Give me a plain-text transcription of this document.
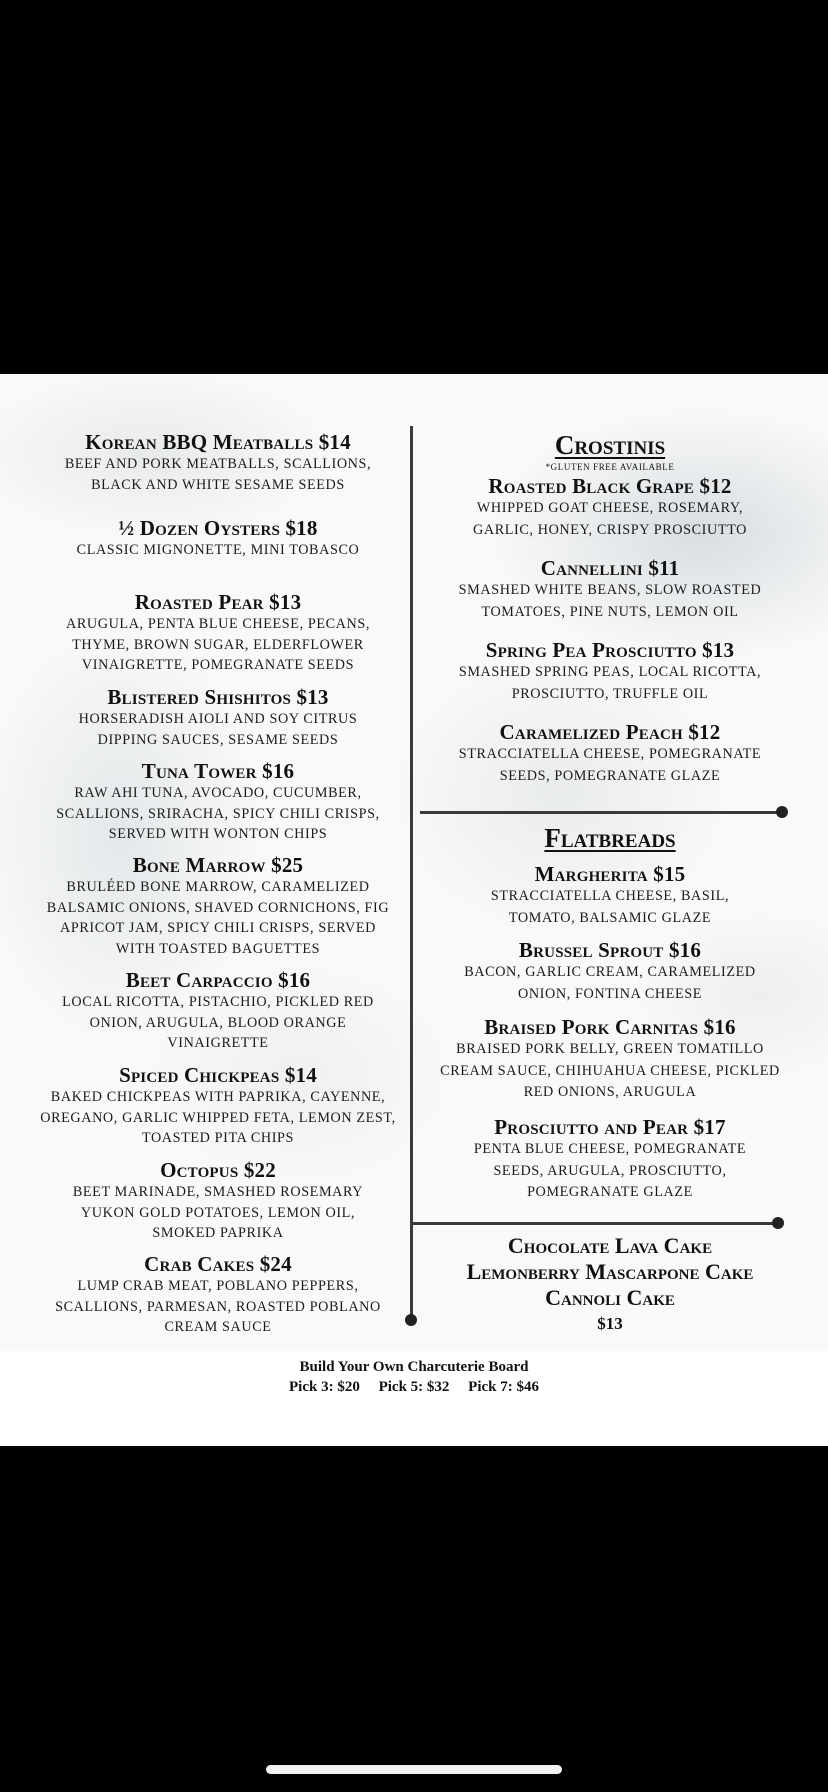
Korean BBQ Meatballs $14
BEEF AND PORK MEATBALLS, SCALLIONS, BLACK AND WHITE SESAME SEEDS
½ Dozen Oysters $18
CLASSIC MIGNONETTE, MINI TOBASCO
Roasted Pear $13
ARUGULA, PENTA BLUE CHEESE, PECANS, THYME, BROWN SUGAR, ELDERFLOWER VINAIGRETTE, POMEGRANATE SEEDS
Blistered Shishitos $13
HORSERADISH AIOLI AND SOY CITRUS DIPPING SAUCES, SESAME SEEDS
Tuna Tower $16
RAW AHI TUNA, AVOCADO, CUCUMBER, SCALLIONS, SRIRACHA, SPICY CHILI CRISPS, SERVED WITH WONTON CHIPS
Bone Marrow $25
BRULÉED BONE MARROW, CARAMELIZED BALSAMIC ONIONS, SHAVED CORNICHONS, FIG APRICOT JAM, SPICY CHILI CRISPS, SERVED WITH TOASTED BAGUETTES
Beet Carpaccio $16
LOCAL RICOTTA, PISTACHIO, PICKLED RED ONION, ARUGULA, BLOOD ORANGE VINAIGRETTE
Spiced Chickpeas $14
BAKED CHICKPEAS WITH PAPRIKA, CAYENNE, OREGANO, GARLIC WHIPPED FETA, LEMON ZEST, TOASTED PITA CHIPS
Octopus $22
BEET MARINADE, SMASHED ROSEMARY YUKON GOLD POTATOES, LEMON OIL, SMOKED PAPRIKA
Crab Cakes $24
LUMP CRAB MEAT, POBLANO PEPPERS, SCALLIONS, PARMESAN, ROASTED POBLANO CREAM SAUCE
Crostinis
*GLUTEN FREE AVAILABLE
Roasted Black Grape $12
WHIPPED GOAT CHEESE, ROSEMARY, GARLIC, HONEY, CRISPY PROSCIUTTO
Cannellini $11
SMASHED WHITE BEANS, SLOW ROASTED TOMATOES, PINE NUTS, LEMON OIL
Spring Pea Prosciutto $13
SMASHED SPRING PEAS, LOCAL RICOTTA, PROSCIUTTO, TRUFFLE OIL
Caramelized Peach $12
STRACCIATELLA CHEESE, POMEGRANATE SEEDS, POMEGRANATE GLAZE
Flatbreads
Margherita $15
STRACCIATELLA CHEESE, BASIL, TOMATO, BALSAMIC GLAZE
Brussel Sprout $16
BACON, GARLIC CREAM, CARAMELIZED ONION, FONTINA CHEESE
Braised Pork Carnitas $16
BRAISED PORK BELLY, GREEN TOMATILLO CREAM SAUCE, CHIHUAHUA CHEESE, PICKLED RED ONIONS, ARUGULA
Prosciutto and Pear $17
PENTA BLUE CHEESE, POMEGRANATE SEEDS, ARUGULA, PROSCIUTTO, POMEGRANATE GLAZE
Chocolate Lava Cake
Lemonberry Mascarpone Cake
Cannoli Cake
$13
Build Your Own Charcuterie Board
Pick 3: $20     Pick 5: $32     Pick 7: $46
